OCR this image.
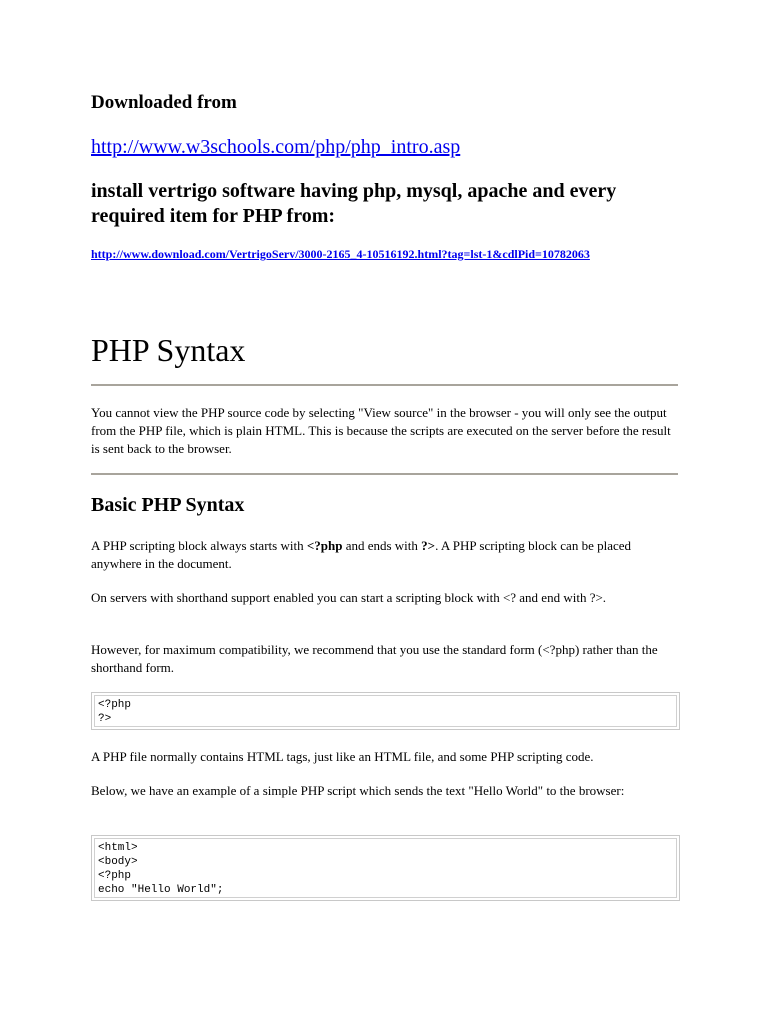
Downloaded from
http://www.w3schools.com/php/php_intro.asp
install vertrigo software having php, mysql, apache and every required item for PHP from:
http://www.download.com/VertrigoServ/3000-2165_4-10516192.html?tag=lst-1&cdlPid=10782063
PHP Syntax

You cannot view the PHP source code by selecting "View source" in the browser - you will only see the output from the PHP file, which is plain HTML. This is because the scripts are executed on the server before the result is sent back to the browser.

Basic PHP Syntax

A PHP scripting block always starts with <?php and ends with ?>. A PHP scripting block can be placed anywhere in the document.

On servers with shorthand support enabled you can start a scripting block with <? and end with ?>.

However, for maximum compatibility, we recommend that you use the standard form (<?php) rather than the shorthand form.

<?php
?>

A PHP file normally contains HTML tags, just like an HTML file, and some PHP scripting code.

Below, we have an example of a simple PHP script which sends the text "Hello World" to the browser:

<html>
<body>
<?php
echo "Hello World";
